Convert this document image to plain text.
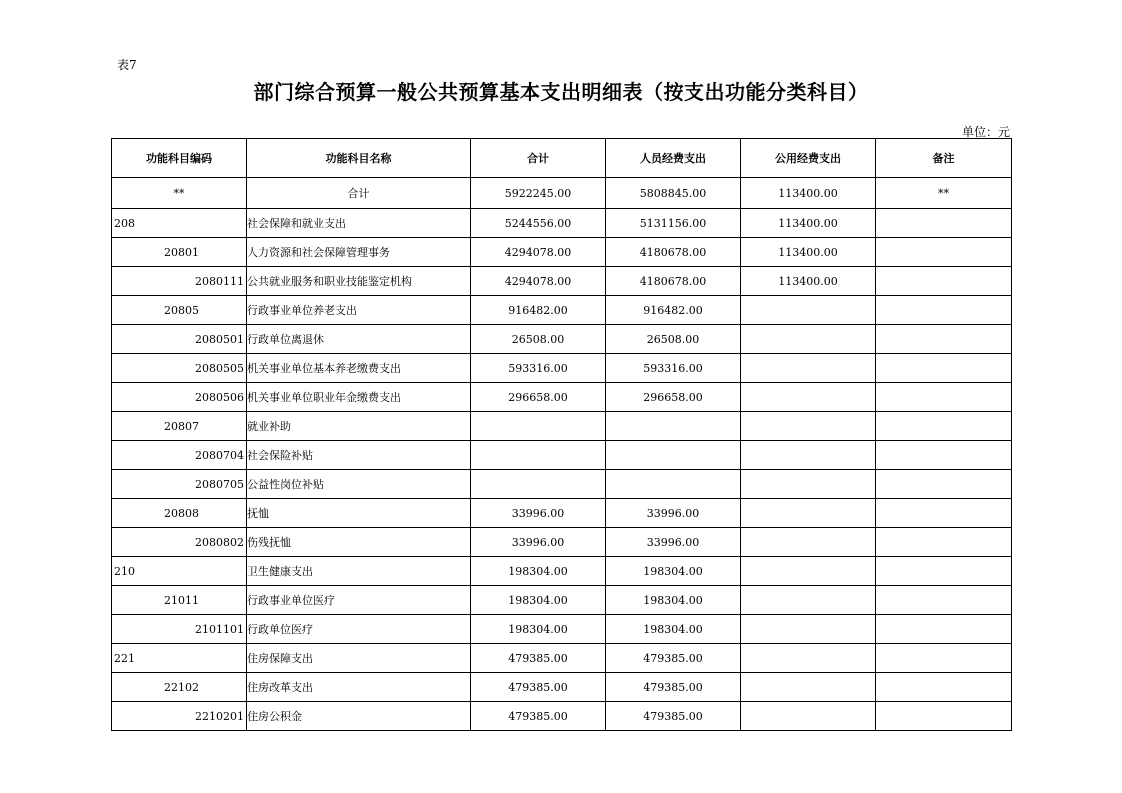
表7
部门综合预算一般公共预算基本支出明细表（按支出功能分类科目）
单位：元
功能科目编码	功能科目名称	合计	人员经费支出	公用经费支出	备注
**	合计	5922245.00	5808845.00	113400.00	**
208	社会保障和就业支出	5244556.00	5131156.00	113400.00	
20801	人力资源和社会保障管理事务	4294078.00	4180678.00	113400.00	
2080111	公共就业服务和职业技能鉴定机构	4294078.00	4180678.00	113400.00	
20805	行政事业单位养老支出	916482.00	916482.00		
2080501	行政单位离退休	26508.00	26508.00		
2080505	机关事业单位基本养老缴费支出	593316.00	593316.00		
2080506	机关事业单位职业年金缴费支出	296658.00	296658.00		
20807	就业补助				
2080704	社会保险补贴				
2080705	公益性岗位补贴				
20808	抚恤	33996.00	33996.00		
2080802	伤残抚恤	33996.00	33996.00		
210	卫生健康支出	198304.00	198304.00		
21011	行政事业单位医疗	198304.00	198304.00		
2101101	行政单位医疗	198304.00	198304.00		
221	住房保障支出	479385.00	479385.00		
22102	住房改革支出	479385.00	479385.00		
2210201	住房公积金	479385.00	479385.00		
